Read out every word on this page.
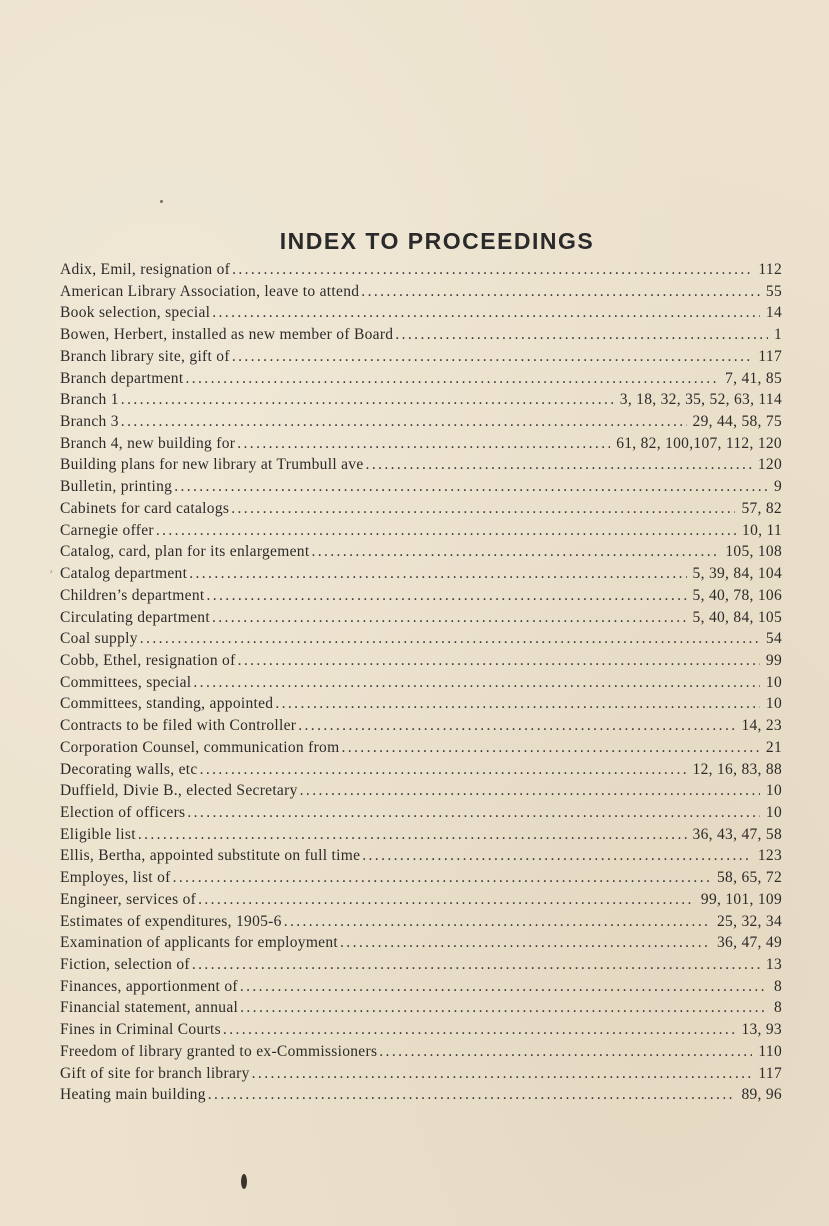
′
INDEX TO PROCEEDINGS
Adix, Emil, resignation of .....	112
American Library Association, leave to attend .....	55
Book selection, special .....	14
Bowen, Herbert, installed as new member of Board .....	1
Branch library site, gift of .....	117
Branch department .....	7, 41, 85
Branch 1 .....	3, 18, 32, 35, 52, 63, 114
Branch 3 .....	29, 44, 58, 75
Branch 4, new building for .....	61, 82, 100,107, 112, 120
Building plans for new library at Trumbull ave .....	120
Bulletin, printing .....	9
Cabinets for card catalogs .....	57, 82
Carnegie offer .....	10, 11
Catalog, card, plan for its enlargement .....	105, 108
Catalog department .....	5, 39, 84, 104
Children’s department .....	5, 40, 78, 106
Circulating department .....	5, 40, 84, 105
Coal supply .....	54
Cobb, Ethel, resignation of .....	99
Committees, special .....	10
Committees, standing, appointed .....	10
Contracts to be filed with Controller .....	14, 23
Corporation Counsel, communication from .....	21
Decorating walls, etc .....	12, 16, 83, 88
Duffield, Divie B., elected Secretary .....	10
Election of officers .....	10
Eligible list .....	36, 43, 47, 58
Ellis, Bertha, appointed substitute on full time .....	123
Employes, list of .....	58, 65, 72
Engineer, services of .....	99, 101, 109
Estimates of expenditures, 1905-6 .....	25, 32, 34
Examination of applicants for employment .....	36, 47, 49
Fiction, selection of .....	13
Finances, apportionment of .....	8
Financial statement, annual .....	8
Fines in Criminal Courts .....	13, 93
Freedom of library granted to ex-Commissioners .....	110
Gift of site for branch library .....	117
Heating main building .....	89, 96
